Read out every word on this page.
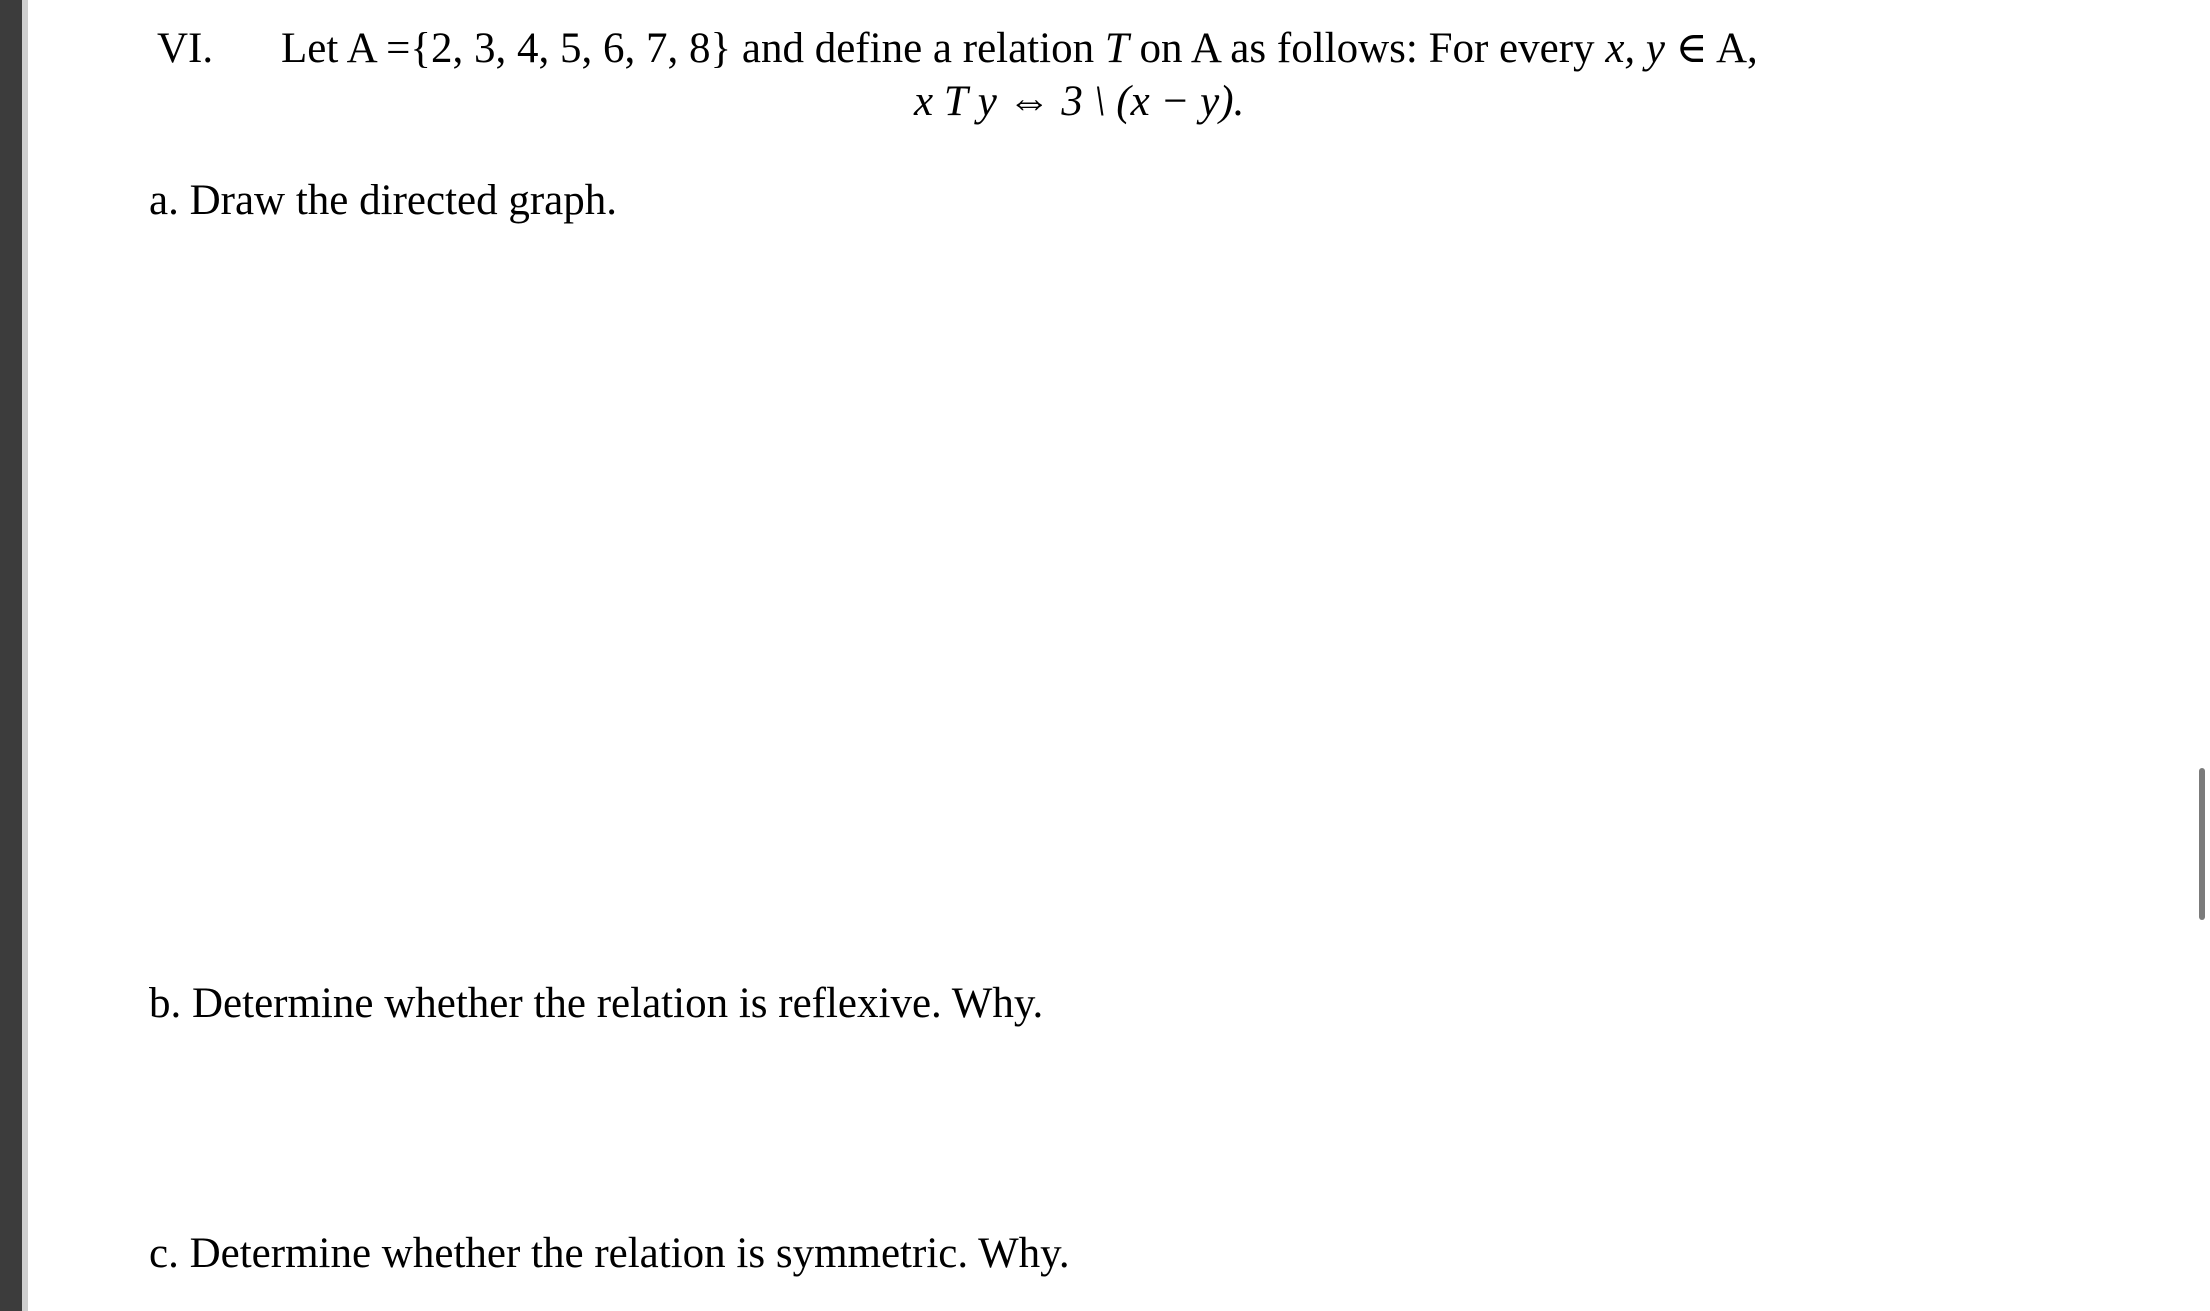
VI. Let A ={2, 3, 4, 5, 6, 7, 8} and define a relation T on A as follows: For every x, y ∈ A,
x T y ⇔ 3 \ (x − y).
a. Draw the directed graph.
b. Determine whether the relation is reflexive. Why.
c. Determine whether the relation is symmetric. Why.
